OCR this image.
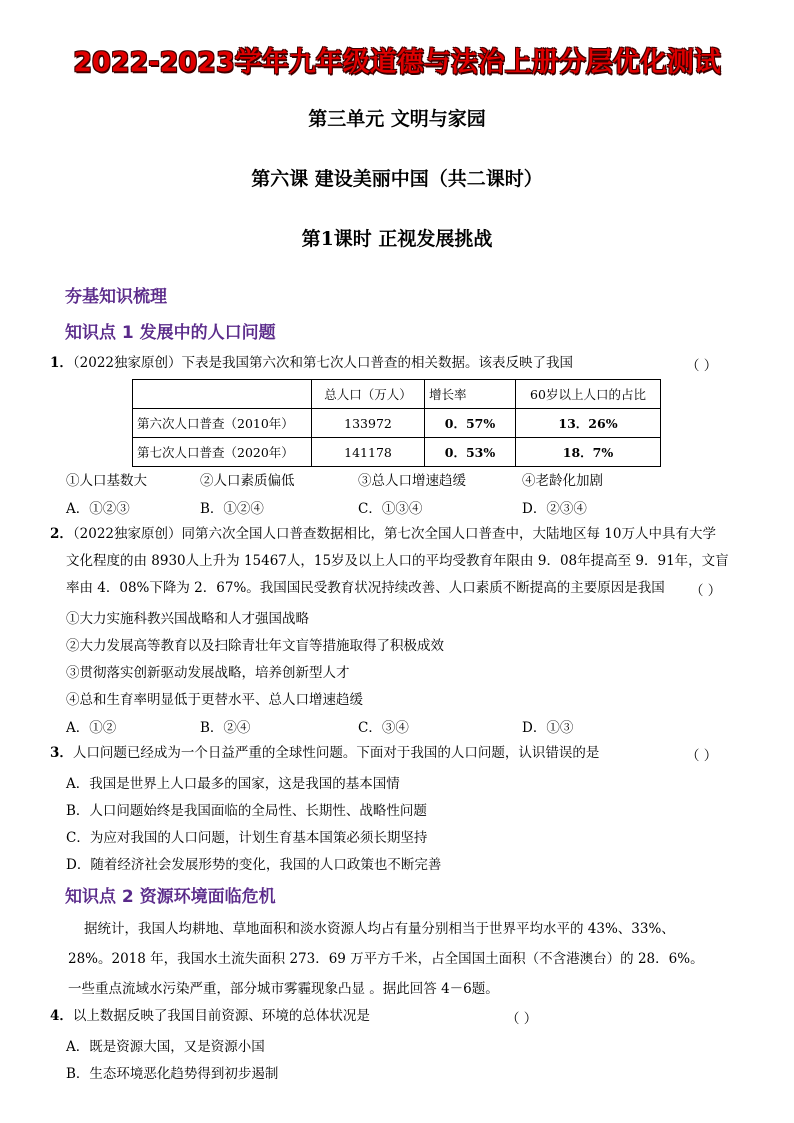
2022-2023学年九年级道德与法治上册分层优化测试
第三单元 文明与家园
第六课 建设美丽中国（共二课时）
第1课时 正视发展挑战
夯基知识梳理
知识点 1 发展中的人口问题
1．（2022独家原创）下表是我国第六次和第七次人口普查的相关数据。该表反映了我国	（ ）
	总人口（万人）	增长率	60岁以上人口的占比
第六次人口普查（2010年）	133972	0．57%	13．26%
第七次人口普查（2020年）	141178	0．53%	18．7%
①人口基数大	②人口素质偏低	③总人口增速趋缓	④老龄化加剧
A．①②③	B．①②④	C．①③④	D．②③④
2．（2022独家原创）同第六次全国人口普查数据相比，第七次全国人口普查中，大陆地区每 10万人中具有大学
文化程度的由 8930人上升为 15467人，15岁及以上人口的平均受教育年限由 9．08年提高至 9．91年，文盲
率由 4．08%下降为 2．67%。我国国民受教育状况持续改善、人口素质不断提高的主要原因是我国 （ ）
①大力实施科教兴国战略和人才强国战略
②大力发展高等教育以及扫除青壮年文盲等措施取得了积极成效
③贯彻落实创新驱动发展战略，培养创新型人才
④总和生育率明显低于更替水平、总人口增速趋缓
A．①②	B．②④	C．③④	D．①③
3．人口问题已经成为一个日益严重的全球性问题。下面对于我国的人口问题，认识错误的是	（ ）
A．我国是世界上人口最多的国家，这是我国的基本国情
B．人口问题始终是我国面临的全局性、长期性、战略性问题
C．为应对我国的人口问题，计划生育基本国策必须长期坚持
D．随着经济社会发展形势的变化，我国的人口政策也不断完善
知识点 2 资源环境面临危机
据统计，我国人均耕地、草地面积和淡水资源人均占有量分别相当于世界平均水平的 43%、33%、
28%。2018 年，我国水土流失面积 273．69 万平方千米，占全国国土面积（不含港澳台）的 28．6%。
一些重点流域水污染严重，部分城市雾霾现象凸显 。据此回答 4－6题。
4．以上数据反映了我国目前资源、环境的总体状况是	（ ）
A．既是资源大国，又是资源小国
B．生态环境恶化趋势得到初步遏制
